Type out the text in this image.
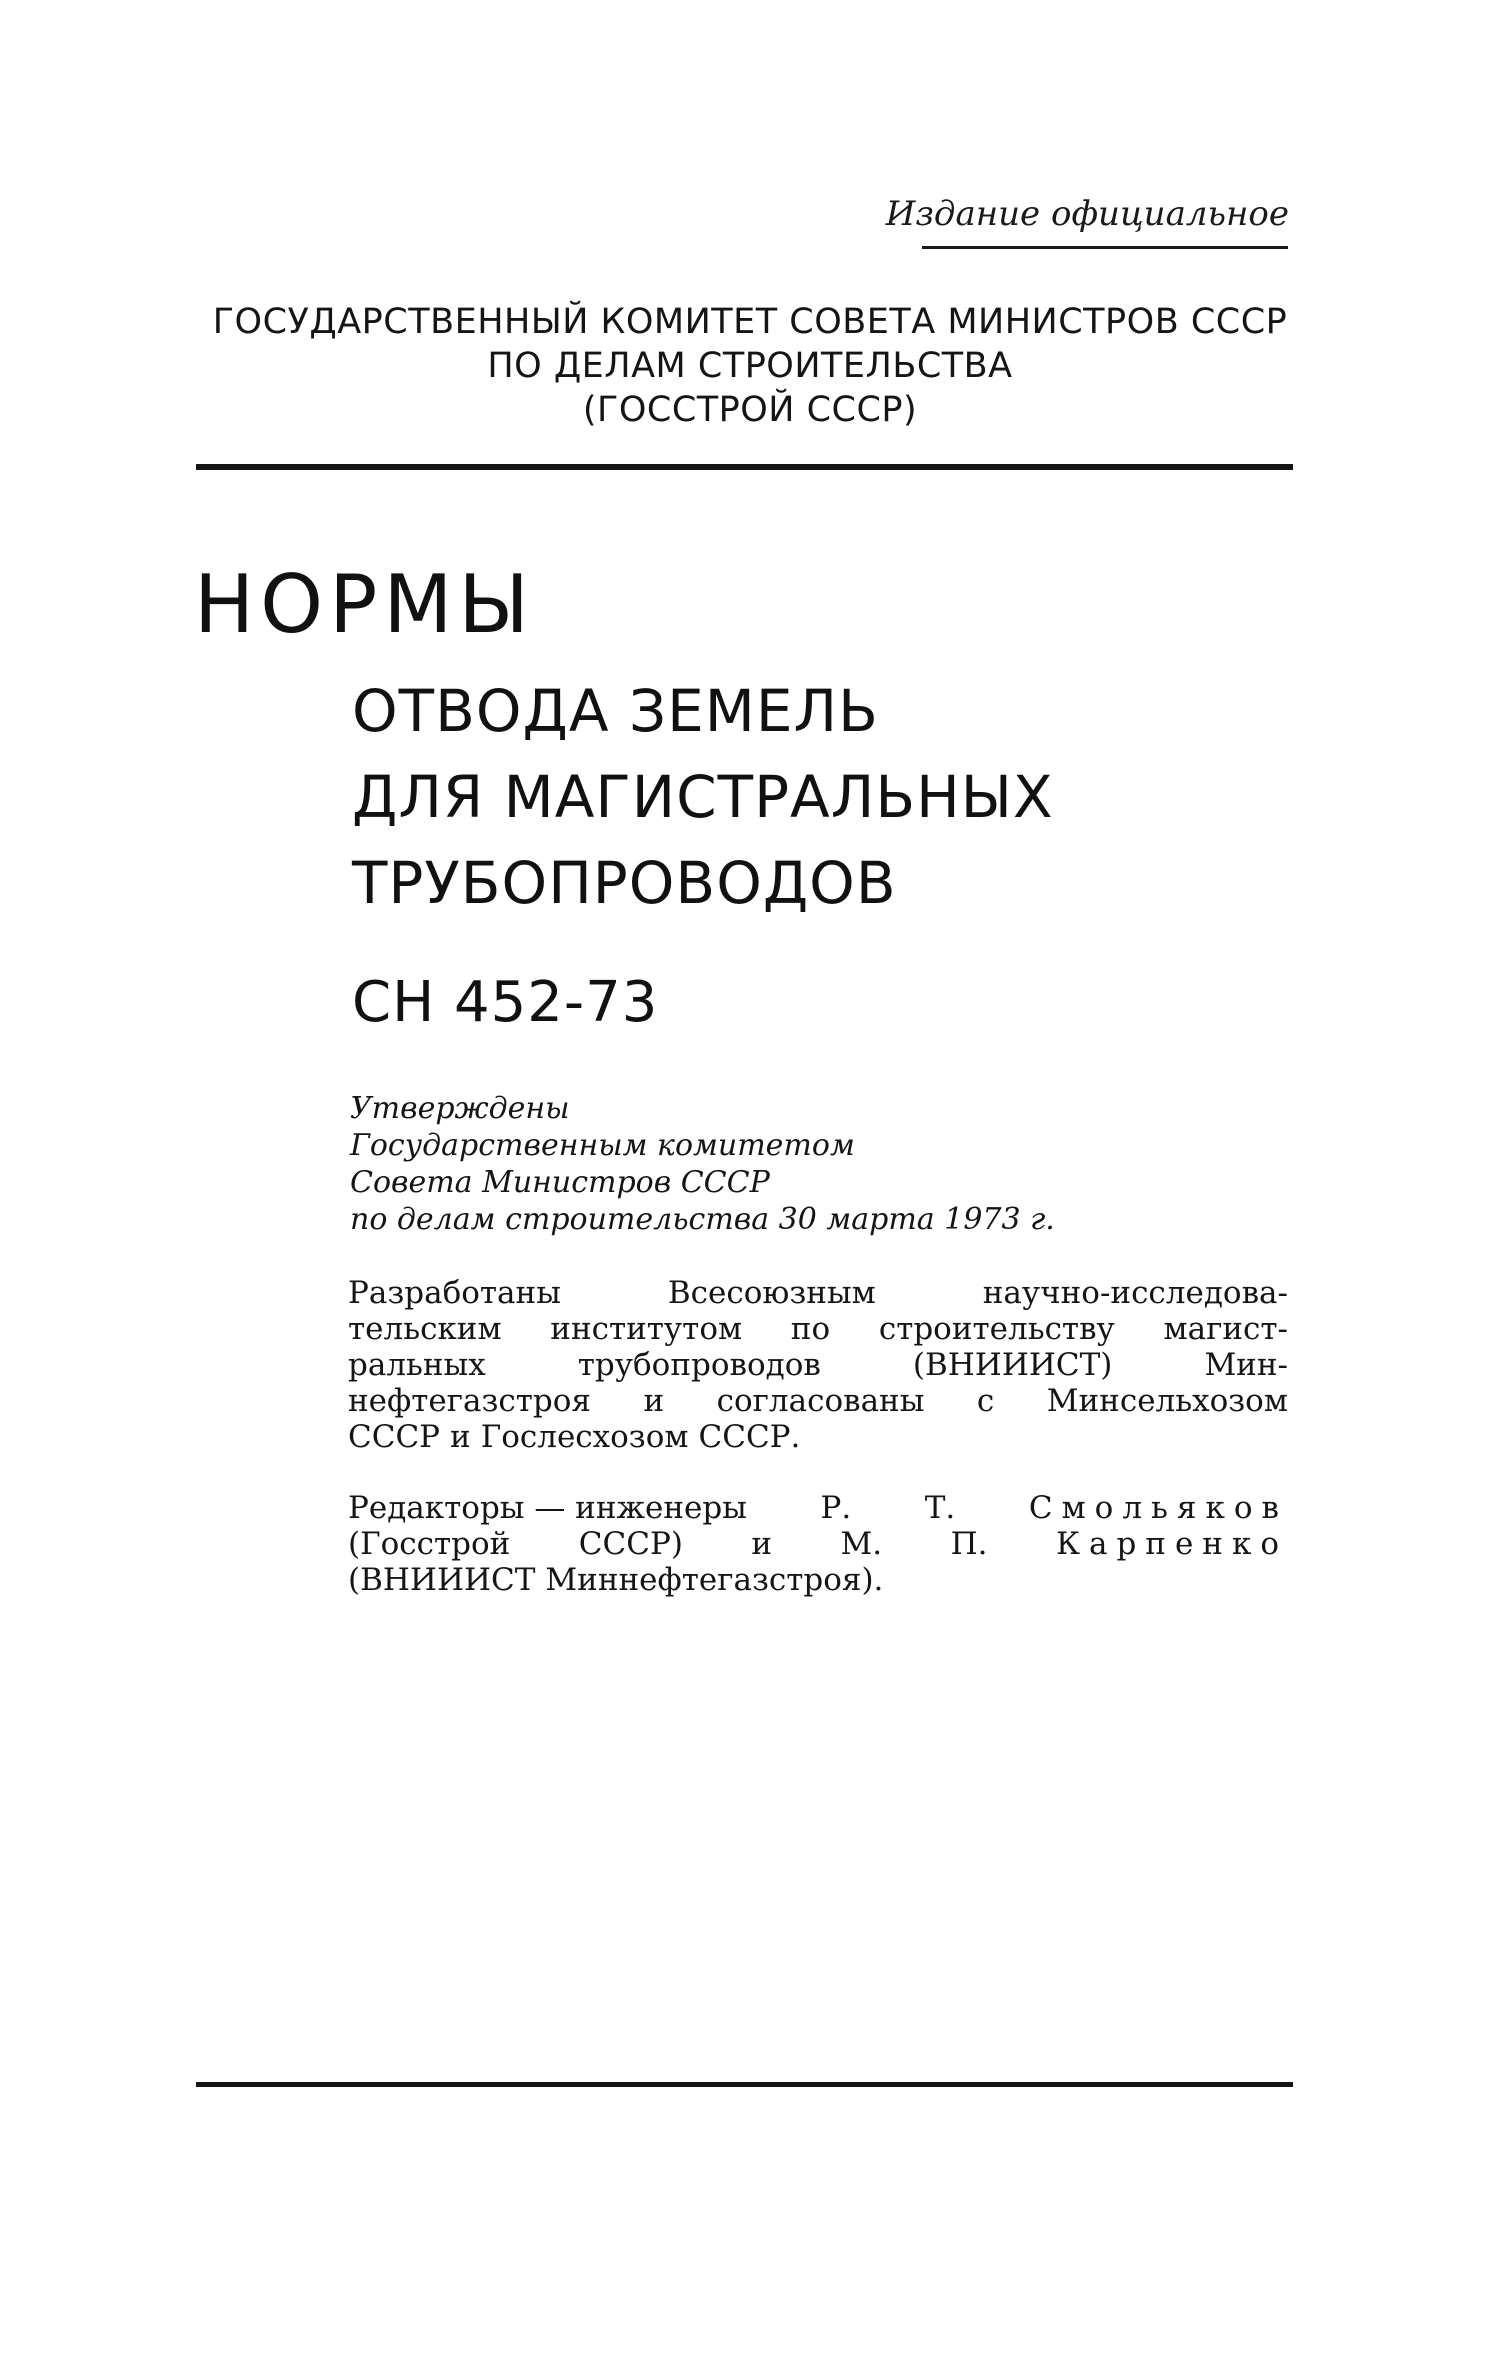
Издание официальное
ГОСУДАРСТВЕННЫЙ КОМИТЕТ СОВЕТА МИНИСТРОВ СССР
ПО ДЕЛАМ СТРОИТЕЛЬСТВА
(ГОССТРОЙ СССР)
НОРМЫ
ОТВОДА ЗЕМЕЛЬ
ДЛЯ МАГИСТРАЛЬНЫХ
ТРУБОПРОВОДОВ
СН 452-73
Утверждены
Государственным комитетом
Совета Министров СССР
по делам строительства 30 марта 1973 г.
Разработаны	Всесоюзным	научно-исследова-
тельским институтом по строительству магист-
ральных	трубопроводов	(ВНИИИСТ)	Мин-
нефтегазстроя и согласованы с Минсельхозом
СССР и Гослесхозом СССР.
Редакторы — инженеры Р. Т. Смольяков
(Госстрой СССР) и М. П. Карпенко
(ВНИИИСТ Миннефтегазстроя).
